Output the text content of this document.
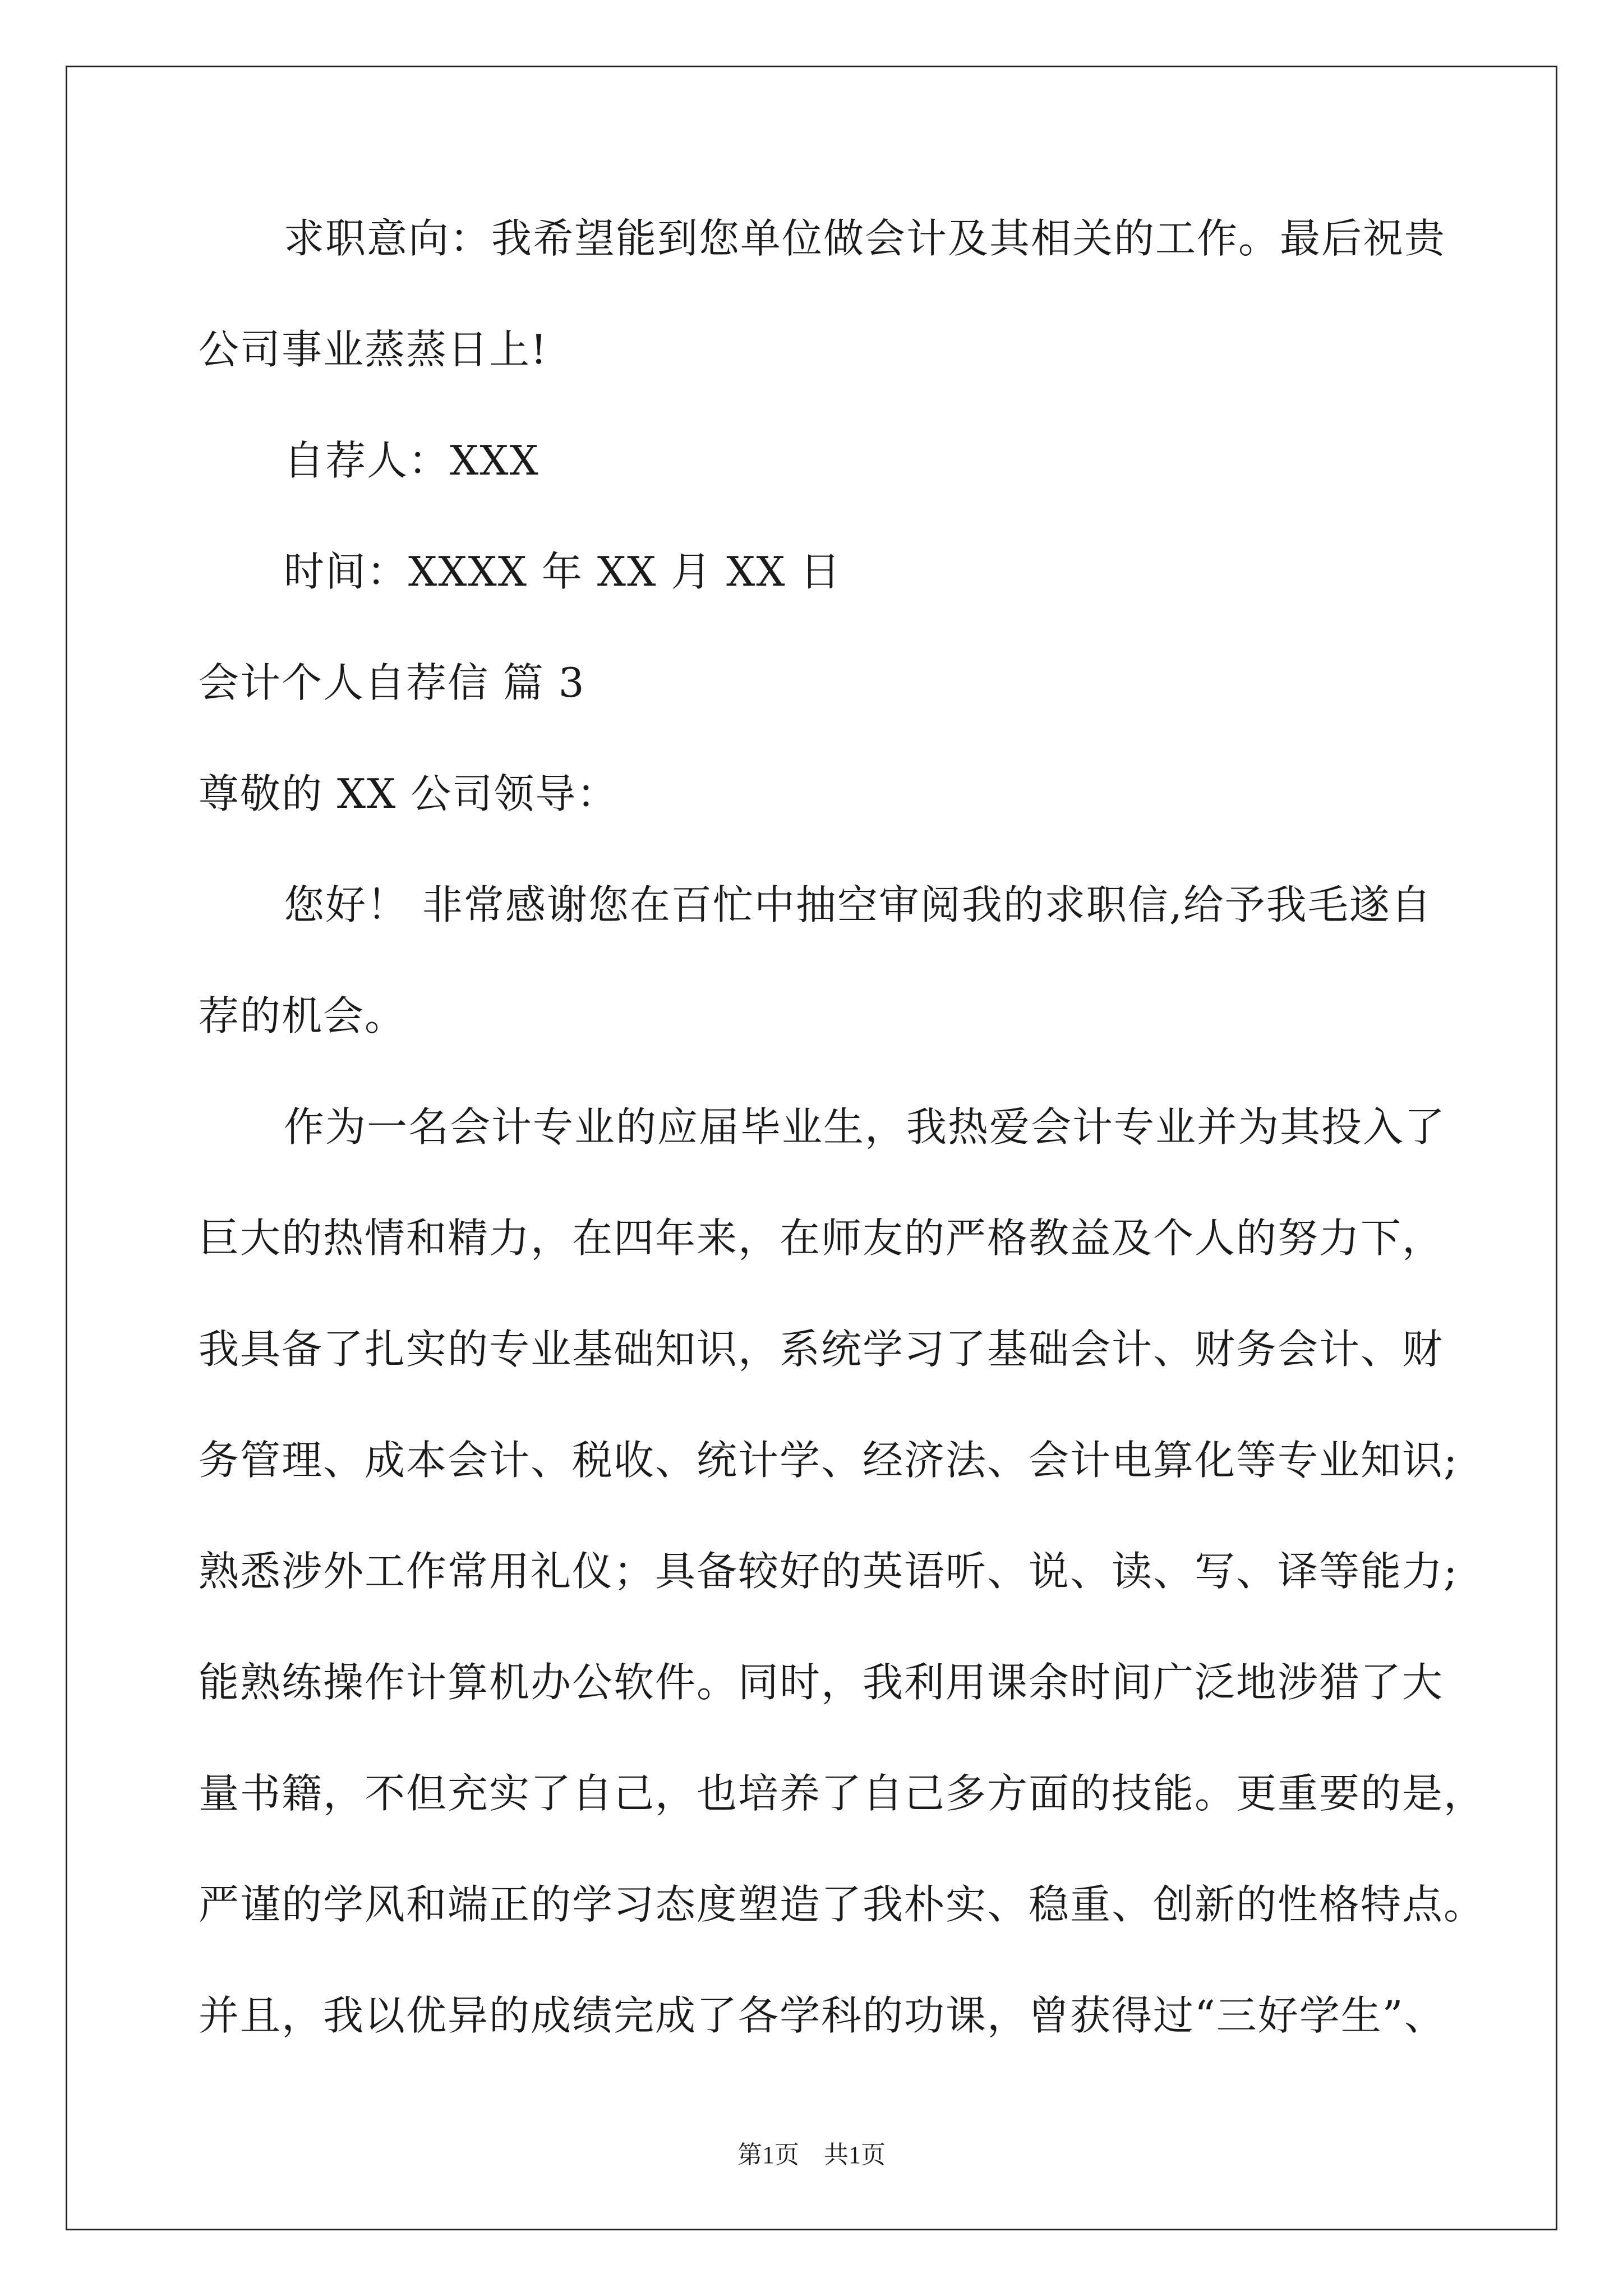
求职意向：我希望能到您单位做会计及其相关的工作。最后祝贵
公司事业蒸蒸日上!
自荐人：XXX
时间：XXXX 年 XX 月 XX 日
会计个人自荐信 篇 3
尊敬的 XX 公司领导：
您好！ 非常感谢您在百忙中抽空审阅我的求职信,给予我毛遂自
荐的机会。
作为一名会计专业的应届毕业生，我热爱会计专业并为其投入了
巨大的热情和精力，在四年来，在师友的严格教益及个人的努力下，
我具备了扎实的专业基础知识，系统学习了基础会计、财务会计、财
务管理、成本会计、税收、统计学、经济法、会计电算化等专业知识;
熟悉涉外工作常用礼仪；具备较好的英语听、说、读、写、译等能力;
能熟练操作计算机办公软件。同时，我利用课余时间广泛地涉猎了大
量书籍，不但充实了自己，也培养了自己多方面的技能。更重要的是，
严谨的学风和端正的学习态度塑造了我朴实、稳重、创新的性格特点。
并且，我以优异的成绩完成了各学科的功课，曾获得过“三好学生”、
第1页 共1页
